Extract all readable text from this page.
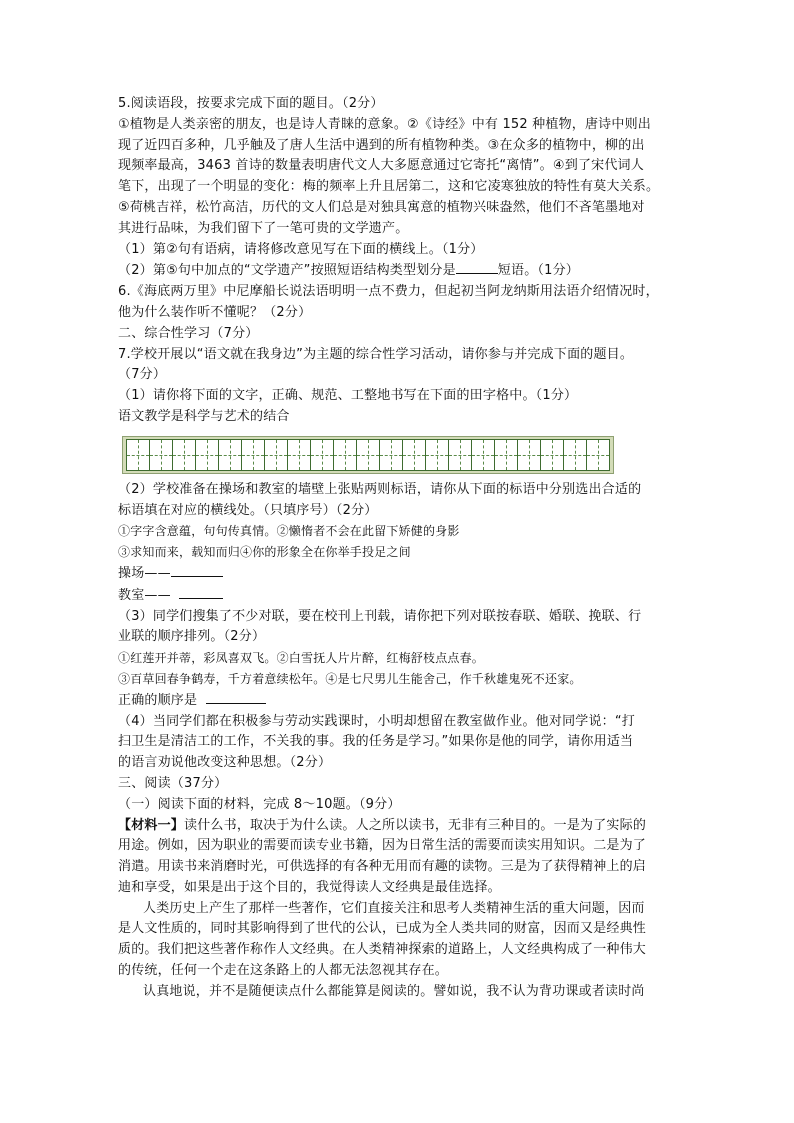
5.阅读语段，按要求完成下面的题目。（2分）
①植物是人类亲密的朋友，也是诗人青睐的意象。②《诗经》中有 152 种植物，唐诗中则出
现了近四百多种，几乎触及了唐人生活中遇到的所有植物种类。③在众多的植物中，柳的出
现频率最高，3463 首诗的数量表明唐代文人大多愿意通过它寄托“离情”。④到了宋代词人
笔下，出现了一个明显的变化：梅的频率上升且居第二，这和它凌寒独放的特性有莫大关系。
⑤荷桃吉祥，松竹高洁，历代的文人们总是对独具寓意的植物兴味盎然，他们不吝笔墨地对
其进行品味，为我们留下了一笔可贵的文学遗产。
（1）第②句有语病，请将修改意见写在下面的横线上。（1分）
（2）第⑤句中加点的“文学遗产”按照短语结构类型划分是	短语。（1分）
6.《海底两万里》中尼摩船长说法语明明一点不费力，但起初当阿龙纳斯用法语介绍情况时，
他为什么装作听不懂呢？（2分）
二、综合性学习（7分）
7.学校开展以“语文就在我身边”为主题的综合性学习活动，请你参与并完成下面的题目。
（7分）
（1）请你将下面的文字，正确、规范、工整地书写在下面的田字格中。（1分）
语文教学是科学与艺术的结合
（2）学校准备在操场和教室的墙壁上张贴两则标语，请你从下面的标语中分别选出合适的
标语填在对应的横线处。（只填序号）（2分）
①字字含意蕴，句句传真情。②懒惰者不会在此留下矫健的身影
③求知而来，载知而归④你的形象全在你举手投足之间
操场——
教室——
（3）同学们搜集了不少对联，要在校刊上刊载，请你把下列对联按春联、婚联、挽联、行
业联的顺序排列。（2分）
①红莲开并蒂，彩凤喜双飞。②白雪抚人片片醉，红梅舒枝点点春。
③百草回春争鹤寿，千方着意续松年。④是七尺男儿生能舍己，作千秋雄鬼死不还家。
正确的顺序是
（4）当同学们都在积极参与劳动实践课时，小明却想留在教室做作业。他对同学说：“打
扫卫生是清洁工的工作，不关我的事。我的任务是学习。”如果你是他的同学，请你用适当
的语言劝说他改变这种思想。（2分）
三、阅读（37分）
（一）阅读下面的材料，完成 8～10题。（9分）
【材料一】读什么书，取决于为什么读。人之所以读书，无非有三种目的。一是为了实际的
用途。例如，因为职业的需要而读专业书籍，因为日常生活的需要而读实用知识。二是为了
消遣。用读书来消磨时光，可供选择的有各种无用而有趣的读物。三是为了获得精神上的启
迪和享受，如果是出于这个目的，我觉得读人文经典是最佳选择。
人类历史上产生了那样一些著作，它们直接关注和思考人类精神生活的重大问题，因而
是人文性质的，同时其影响得到了世代的公认，已成为全人类共同的财富，因而又是经典性
质的。我们把这些著作称作人文经典。在人类精神探索的道路上，人文经典构成了一种伟大
的传统，任何一个走在这条路上的人都无法忽视其存在。
认真地说，并不是随便读点什么都能算是阅读的。譬如说，我不认为背功课或者读时尚
